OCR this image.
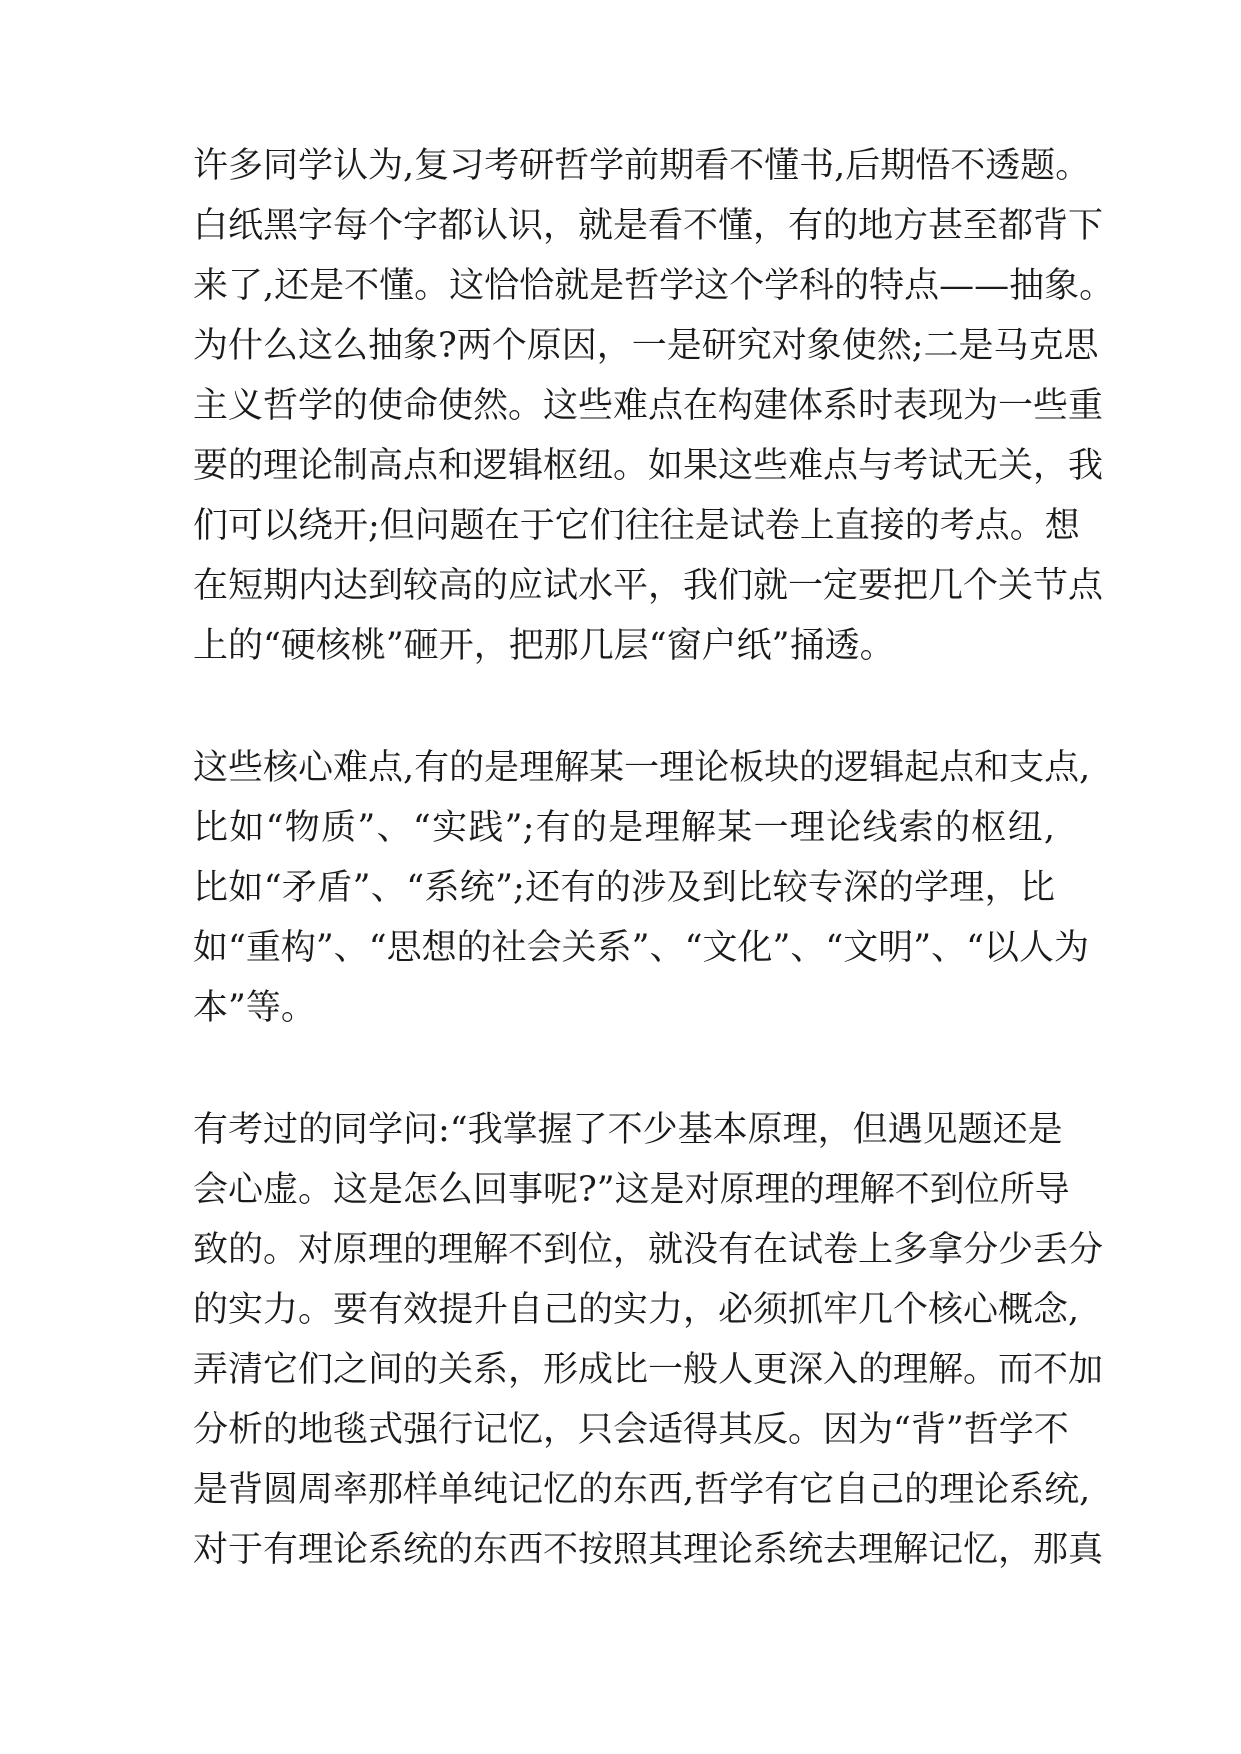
许多同学认为,复习考研哲学前期看不懂书,后期悟不透题。
白纸黑字每个字都认识，就是看不懂，有的地方甚至都背下
来了,还是不懂。这恰恰就是哲学这个学科的特点——抽象。
为什么这么抽象?两个原因，一是研究对象使然;二是马克思
主义哲学的使命使然。这些难点在构建体系时表现为一些重
要的理论制高点和逻辑枢纽。如果这些难点与考试无关，我
们可以绕开;但问题在于它们往往是试卷上直接的考点。想
在短期内达到较高的应试水平，我们就一定要把几个关节点
上的“硬核桃”砸开，把那几层“窗户纸”捅透。
这些核心难点,有的是理解某一理论板块的逻辑起点和支点,
比如“物质”、“实践”;有的是理解某一理论线索的枢纽,
比如“矛盾”、“系统”;还有的涉及到比较专深的学理，比
如“重构”、“思想的社会关系”、“文化”、“文明”、“以人为
本”等。
有考过的同学问:“我掌握了不少基本原理，但遇见题还是
会心虚。这是怎么回事呢?”这是对原理的理解不到位所导
致的。对原理的理解不到位，就没有在试卷上多拿分少丢分
的实力。要有效提升自己的实力，必须抓牢几个核心概念,
弄清它们之间的关系，形成比一般人更深入的理解。而不加
分析的地毯式强行记忆，只会适得其反。因为“背”哲学不
是背圆周率那样单纯记忆的东西,哲学有它自己的理论系统,
对于有理论系统的东西不按照其理论系统去理解记忆，那真
